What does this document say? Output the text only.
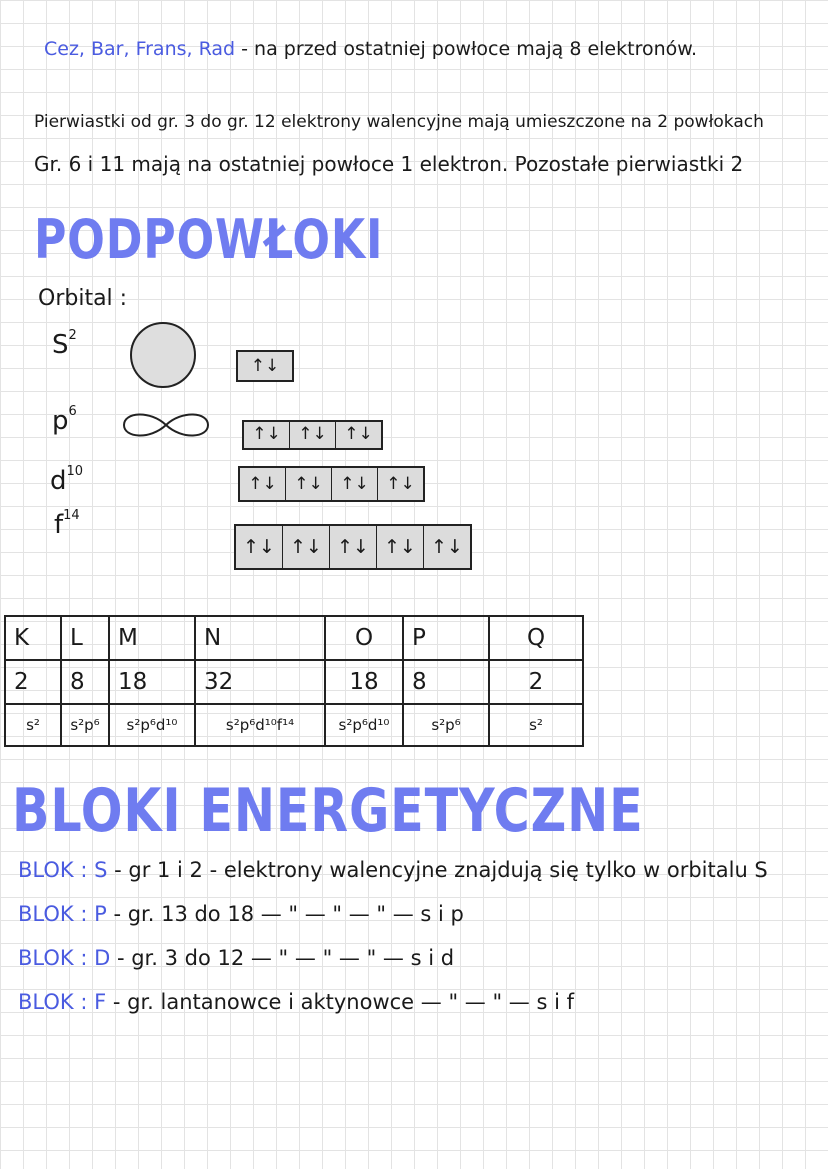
Cez, Bar, Frans, Rad - na przed ostatniej powłoce mają 8 elektronów.
Pierwiastki od gr. 3 do gr. 12 elektrony walencyjne mają umieszczone na 2 powłokach
Gr. 6 i 11 mają na ostatniej powłoce 1 elektron. Pozostałe pierwiastki 2
PODPOWŁOKI
Orbital :
$S^2$
$p^6$
$d^{10}$
$f^{14}$
↑↓
↑↓	↑↓	↑↓
↑↓	↑↓	↑↓	↑↓
↑↓ ↑↓ ↑↓ ↑↓ ↑↓
K	L	M	N	O	P	Q
2	8	18	32	18	8	2
s²	s²p⁶	s²p⁶d¹⁰	s²p⁶d¹⁰f¹⁴	s²p⁶d¹⁰	s²p⁶	s²
BLOKI ENERGETYCZNE
BLOK : S - gr 1 i 2 - elektrony walencyjne znajdują się tylko w orbitalu S
BLOK : P - gr. 13 do 18 — " — " — " — s i p
BLOK : D - gr. 3 do 12 — " — " — " — s i d
BLOK : F - gr. lantanowce i aktynowce — " — " — s i f
